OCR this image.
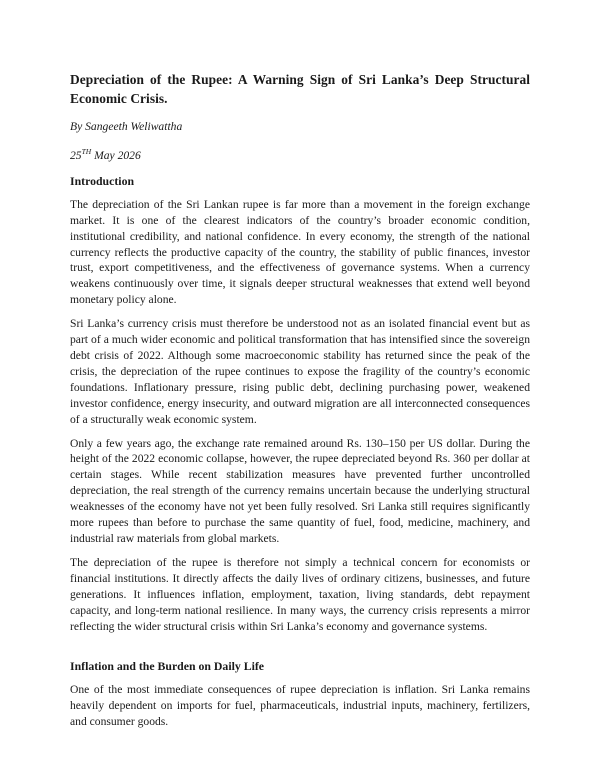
Depreciation of the Rupee: A Warning Sign of Sri Lanka’s Deep Structural Economic Crisis.
By Sangeeth Weliwattha
25TH May 2026
Introduction

The depreciation of the Sri Lankan rupee is far more than a movement in the foreign exchange market. It is one of the clearest indicators of the country’s broader economic condition, institutional credibility, and national confidence. In every economy, the strength of the national currency reflects the productive capacity of the country, the stability of public finances, investor trust, export competitiveness, and the effectiveness of governance systems. When a currency weakens continuously over time, it signals deeper structural weaknesses that extend well beyond monetary policy alone.

Sri Lanka’s currency crisis must therefore be understood not as an isolated financial event but as part of a much wider economic and political transformation that has intensified since the sovereign debt crisis of 2022. Although some macroeconomic stability has returned since the peak of the crisis, the depreciation of the rupee continues to expose the fragility of the country’s economic foundations. Inflationary pressure, rising public debt, declining purchasing power, weakened investor confidence, energy insecurity, and outward migration are all interconnected consequences of a structurally weak economic system.

Only a few years ago, the exchange rate remained around Rs. 130–150 per US dollar. During the height of the 2022 economic collapse, however, the rupee depreciated beyond Rs. 360 per dollar at certain stages. While recent stabilization measures have prevented further uncontrolled depreciation, the real strength of the currency remains uncertain because the underlying structural weaknesses of the economy have not yet been fully resolved. Sri Lanka still requires significantly more rupees than before to purchase the same quantity of fuel, food, medicine, machinery, and industrial raw materials from global markets.

The depreciation of the rupee is therefore not simply a technical concern for economists or financial institutions. It directly affects the daily lives of ordinary citizens, businesses, and future generations. It influences inflation, employment, taxation, living standards, debt repayment capacity, and long-term national resilience. In many ways, the currency crisis represents a mirror reflecting the wider structural crisis within Sri Lanka’s economy and governance systems.

Inflation and the Burden on Daily Life

One of the most immediate consequences of rupee depreciation is inflation. Sri Lanka remains heavily dependent on imports for fuel, pharmaceuticals, industrial inputs, machinery, fertilizers, and consumer goods.
